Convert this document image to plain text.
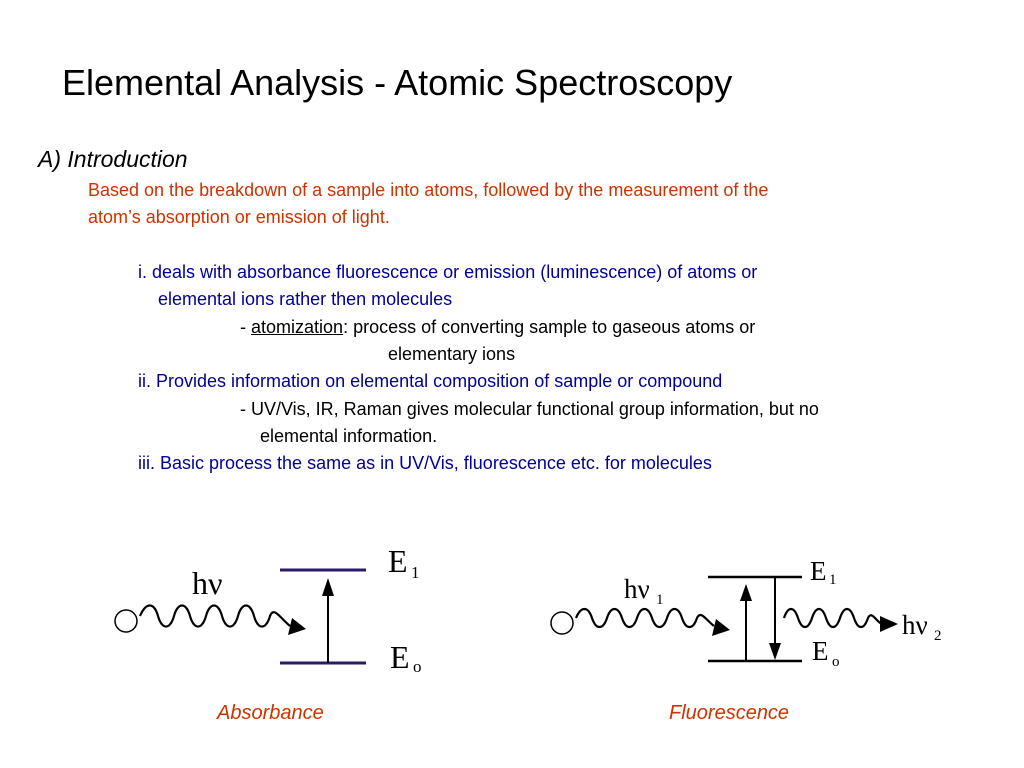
Elemental Analysis - Atomic Spectroscopy
A) Introduction
Based on the breakdown of a sample into atoms, followed by the measurement of the
atom’s absorption or emission of light.
i. deals with absorbance fluorescence or emission (luminescence) of atoms or
elemental ions rather then molecules
- atomization: process of converting sample to gaseous atoms or
elementary ions
ii. Provides information on elemental composition of sample or compound
- UV/Vis, IR, Raman gives molecular functional group information, but no
elemental information.
iii. Basic process the same as in UV/Vis, fluorescence etc. for molecules
hν
E 1
E o
hν 1
E 1
E o
hν 2
Absorbance	Fluorescence
